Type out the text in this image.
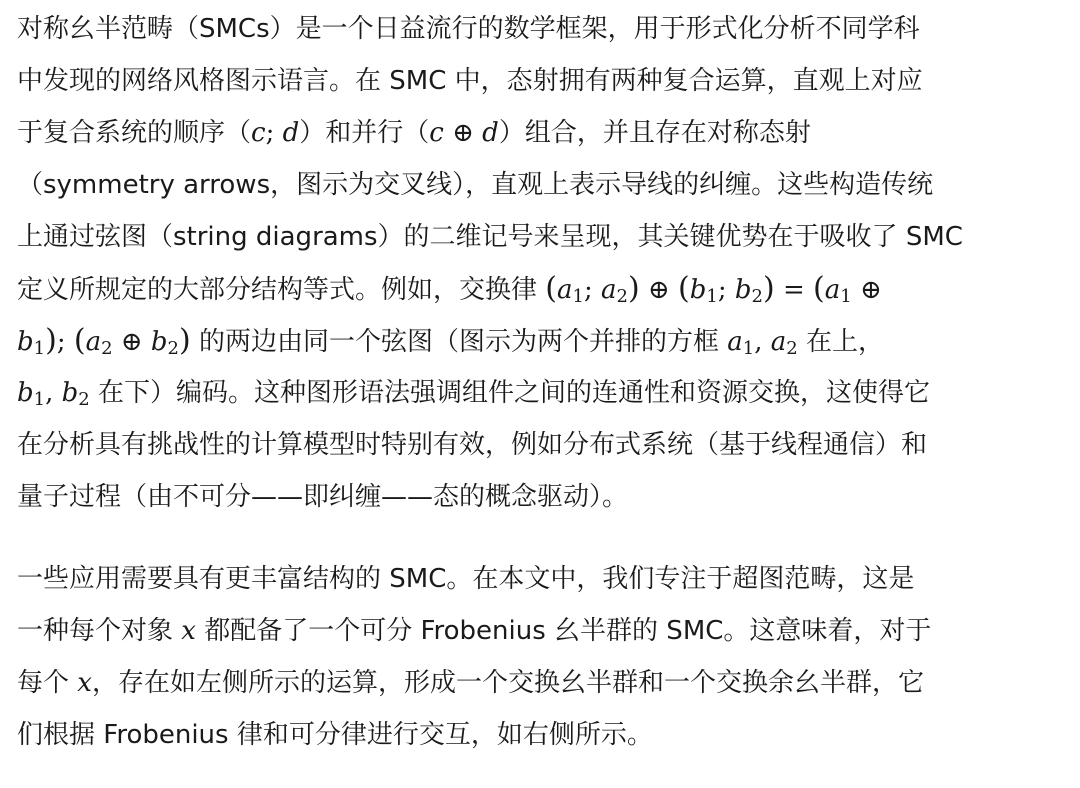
对称幺半范畴（SMCs）是一个日益流行的数学框架，用于形式化分析不同学科
中发现的网络风格图示语言。在 SMC 中，态射拥有两种复合运算，直观上对应
于复合系统的顺序（c; d）和并行（c ⊕ d）组合，并且存在对称态射
（symmetry arrows，图示为交叉线），直观上表示导线的纠缠。这些构造传统
上通过弦图（string diagrams）的二维记号来呈现，其关键优势在于吸收了 SMC
定义所规定的大部分结构等式。例如，交换律 ($a_1$; $a_2$) ⊕ ($b_1$; $b_2) = (a_1$ ⊕
$b_1$); ($a_2$ ⊕ $b_2$) 的两边由同一个弦图（图示为两个并排的方框 $a_1$, $a_2$ 在上，
$b_1$, $b_2$ 在下）编码。这种图形语法强调组件之间的连通性和资源交换，这使得它
在分析具有挑战性的计算模型时特别有效，例如分布式系统（基于线程通信）和
量子过程（由不可分——即纠缠——态的概念驱动）。
一些应用需要具有更丰富结构的 SMC。在本文中，我们专注于超图范畴，这是
一种每个对象 x 都配备了一个可分 Frobenius 幺半群的 SMC。这意味着，对于
每个 x，存在如左侧所示的运算，形成一个交换幺半群和一个交换余幺半群，它
们根据 Frobenius 律和可分律进行交互，如右侧所示。
